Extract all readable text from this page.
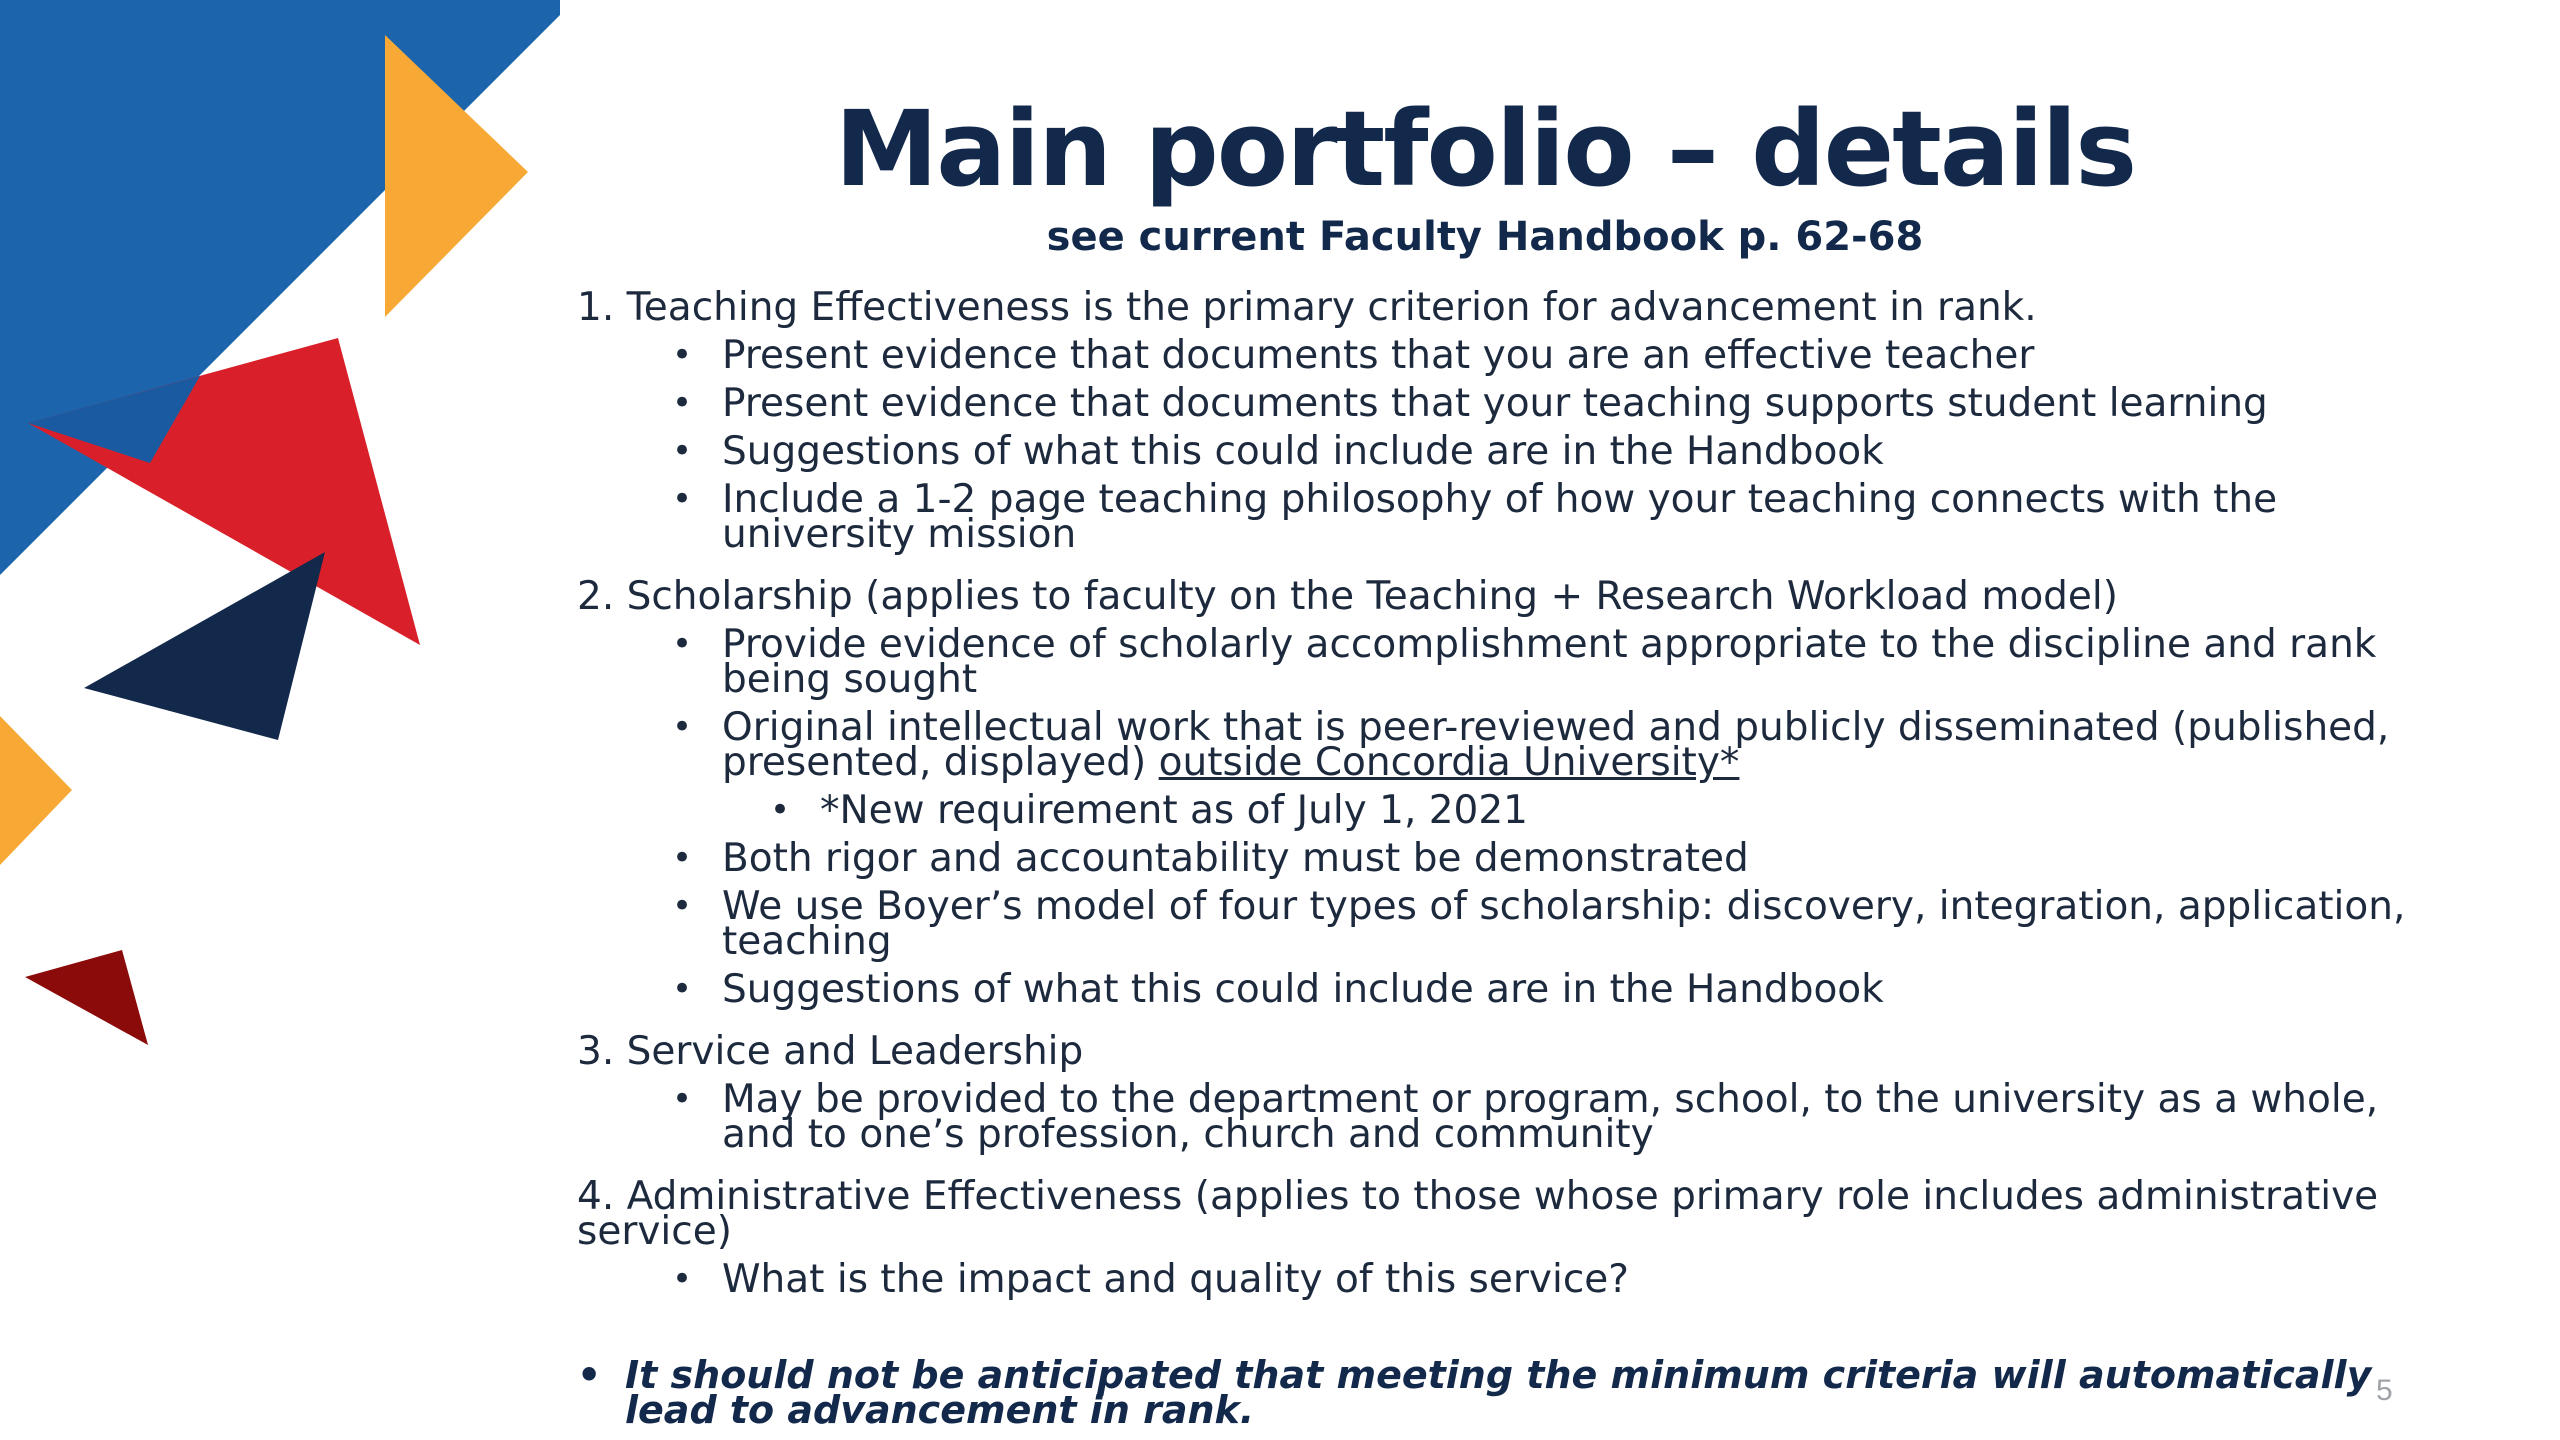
Main portfolio – details
see current Faculty Handbook p. 62-68
1. Teaching Effectiveness is the primary criterion for advancement in rank.
• Present evidence that documents that you are an effective teacher
• Present evidence that documents that your teaching supports student learning
• Suggestions of what this could include are in the Handbook
• Include a 1-2 page teaching philosophy of how your teaching connects with the university mission
2. Scholarship (applies to faculty on the Teaching + Research Workload model)
• Provide evidence of scholarly accomplishment appropriate to the discipline and rank being sought
• Original intellectual work that is peer-reviewed and publicly disseminated (published, presented, displayed) outside Concordia University*
• *New requirement as of July 1, 2021
• Both rigor and accountability must be demonstrated
• We use Boyer’s model of four types of scholarship: discovery, integration, application, teaching
• Suggestions of what this could include are in the Handbook
3. Service and Leadership
• May be provided to the department or program, school, to the university as a whole, and to one’s profession, church and community
4. Administrative Effectiveness (applies to those whose primary role includes administrative service)
• What is the impact and quality of this service?
• It should not be anticipated that meeting the minimum criteria will automatically lead to advancement in rank.	5
